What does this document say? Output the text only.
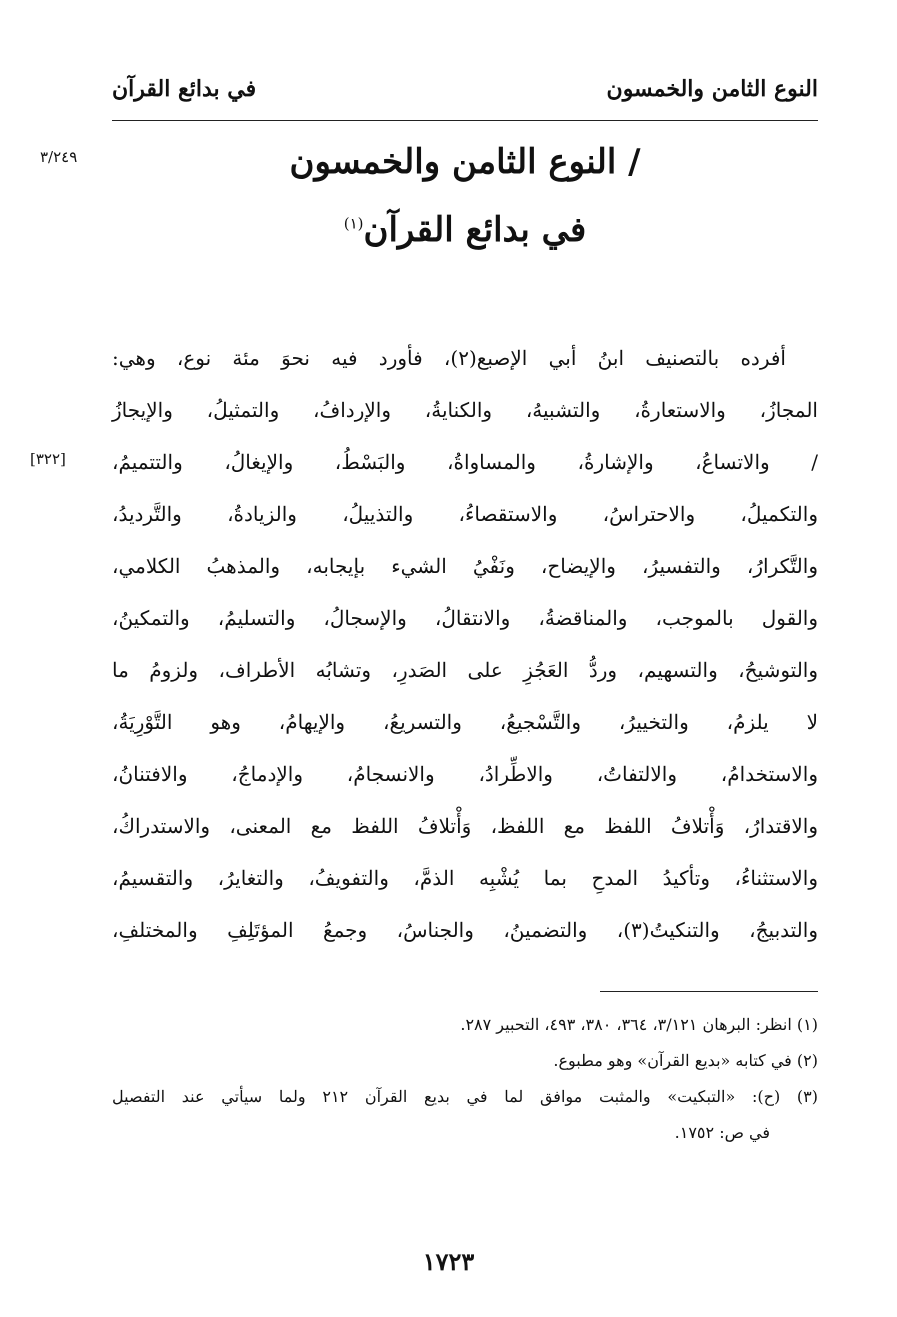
النوع الثامن والخمسون
في بدائع القرآن
٣/٢٤٩	/ النوع الثامن والخمسون
في بدائع القرآن$^{(١)}$
[٣٢٢]
أفرده بالتصنيف ابنُ أبي الإصبع(٢)، فأورد فيه نحوَ مئة نوع، وهي:
المجازُ، والاستعارةُ، والتشبيهُ، والكنايةُ، والإردافُ، والتمثيلُ، والإيجازُ
/ والاتساعُ، والإشارةُ، والمساواةُ، والبَسْطُ، والإيغالُ، والتتميمُ،
والتكميلُ، والاحتراسُ، والاستقصاءُ، والتذييلُ، والزيادةُ، والتَّرديدُ،
والتَّكرارُ، والتفسيرُ، والإيضاح، ونَفْيُ الشيء بإيجابه، والمذهبُ الكلامي،
والقول بالموجب، والمناقضةُ، والانتقالُ، والإسجالُ، والتسليمُ، والتمكينُ،
والتوشيحُ، والتسهيم، وردُّ العَجُزِ على الصَدرِ، وتشابُه الأطراف، ولزومُ ما
لا يلزمُ، والتخييرُ، والتَّسْجيعُ، والتسريعُ، والإيهامُ، وهو التَّوْرِيَةُ،
والاستخدامُ، والالتفاتُ، والاطِّرادُ، والانسجامُ، والإدماجُ، والافتنانُ،
والاقتدارُ، وَأْتلافُ اللفظ مع اللفظ، وَأْتلافُ اللفظ مع المعنى، والاستدراكُ،
والاستثناءُ، وتأكيدُ المدحِ بما يُشْبِه الذمَّ، والتفويفُ، والتغايرُ، والتقسيمُ،
والتدبيجُ، والتنكيتُ(٣)، والتضمينُ، والجناسُ، وجمعُ المؤتَلِفِ والمختلفِ،
(١) انظر: البرهان ٣/١٢١، ٣٦٤، ٣٨٠، ٤٩٣، التحبير ٢٨٧.
(٢) في كتابه «بديع القرآن» وهو مطبوع.
(٣) (ح): «التبكيت» والمثبت موافق لما في بديع القرآن ٢١٢ ولما سيأتي عند التفصيل
في ص: ١٧٥٢.
١٧٢٣
